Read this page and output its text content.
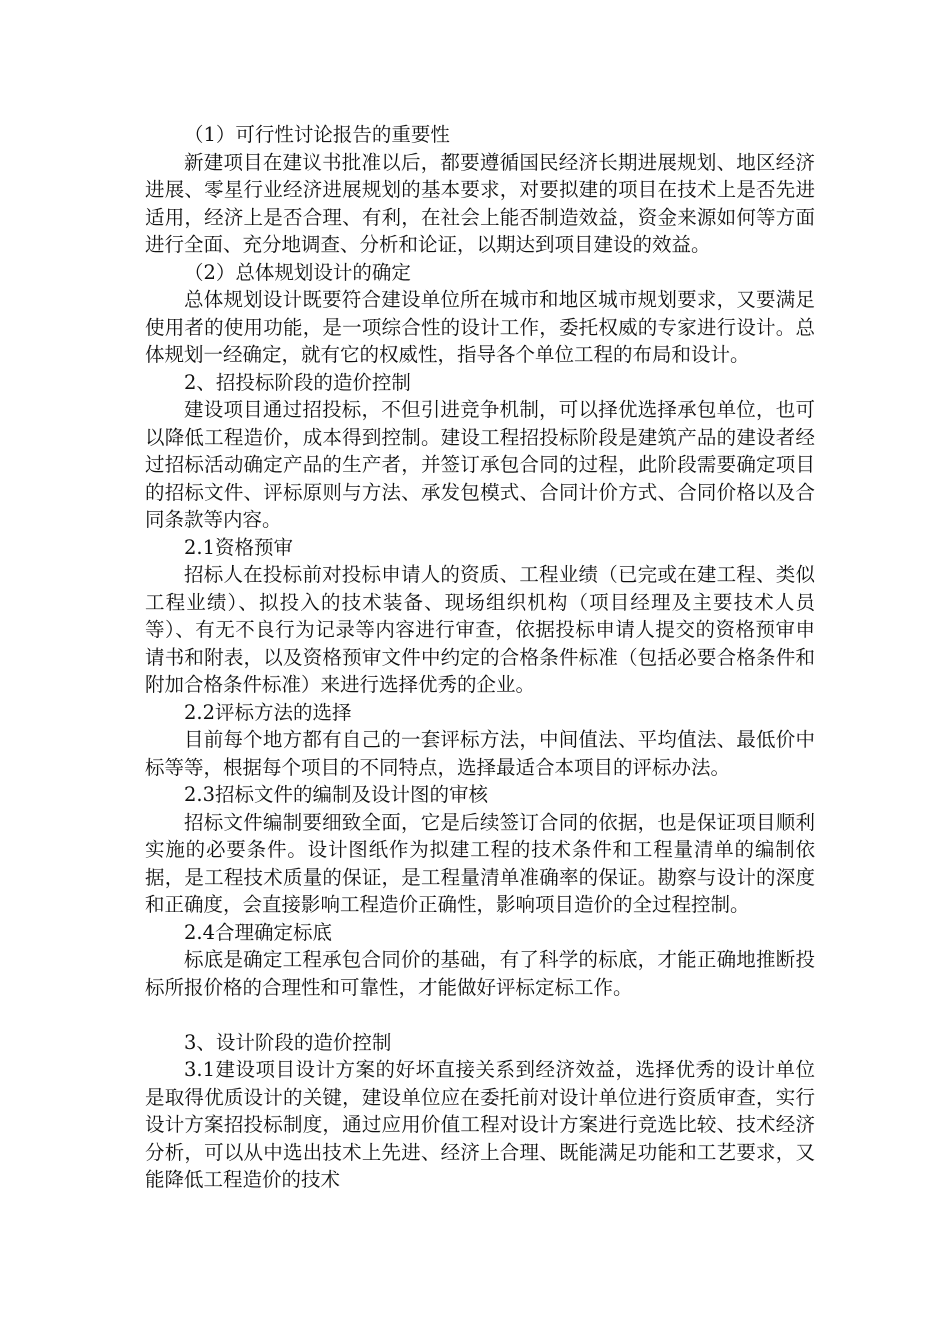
（1）可行性讨论报告的重要性

新建项目在建议书批准以后，都要遵循国民经济长期进展规划、地区经济进展、零星行业经济进展规划的基本要求，对要拟建的项目在技术上是否先进适用，经济上是否合理、有利，在社会上能否制造效益，资金来源如何等方面进行全面、充分地调查、分析和论证，以期达到项目建设的效益。

（2）总体规划设计的确定

总体规划设计既要符合建设单位所在城市和地区城市规划要求，又要满足使用者的使用功能，是一项综合性的设计工作，委托权威的专家进行设计。总体规划一经确定，就有它的权威性，指导各个单位工程的布局和设计。

2、招投标阶段的造价控制

建设项目通过招投标，不但引进竞争机制，可以择优选择承包单位，也可以降低工程造价，成本得到控制。建设工程招投标阶段是建筑产品的建设者经过招标活动确定产品的生产者，并签订承包合同的过程，此阶段需要确定项目的招标文件、评标原则与方法、承发包模式、合同计价方式、合同价格以及合同条款等内容。

2.1资格预审

招标人在投标前对投标申请人的资质、工程业绩（已完或在建工程、类似工程业绩）、拟投入的技术装备、现场组织机构（项目经理及主要技术人员等）、有无不良行为记录等内容进行审查，依据投标申请人提交的资格预审申请书和附表，以及资格预审文件中约定的合格条件标准（包括必要合格条件和附加合格条件标准）来进行选择优秀的企业。

2.2评标方法的选择

目前每个地方都有自己的一套评标方法，中间值法、平均值法、最低价中标等等，根据每个项目的不同特点，选择最适合本项目的评标办法。

2.3招标文件的编制及设计图的审核

招标文件编制要细致全面，它是后续签订合同的依据，也是保证项目顺利实施的必要条件。设计图纸作为拟建工程的技术条件和工程量清单的编制依据，是工程技术质量的保证，是工程量清单准确率的保证。勘察与设计的深度和正确度，会直接影响工程造价正确性，影响项目造价的全过程控制。

2.4合理确定标底

标底是确定工程承包合同价的基础，有了科学的标底，才能正确地推断投标所报价格的合理性和可靠性，才能做好评标定标工作。

3、设计阶段的造价控制

3.1建设项目设计方案的好坏直接关系到经济效益，选择优秀的设计单位是取得优质设计的关键，建设单位应在委托前对设计单位进行资质审查，实行设计方案招投标制度，通过应用价值工程对设计方案进行竞选比较、技术经济分析，可以从中选出技术上先进、经济上合理、既能满足功能和工艺要求，又能降低工程造价的技术
